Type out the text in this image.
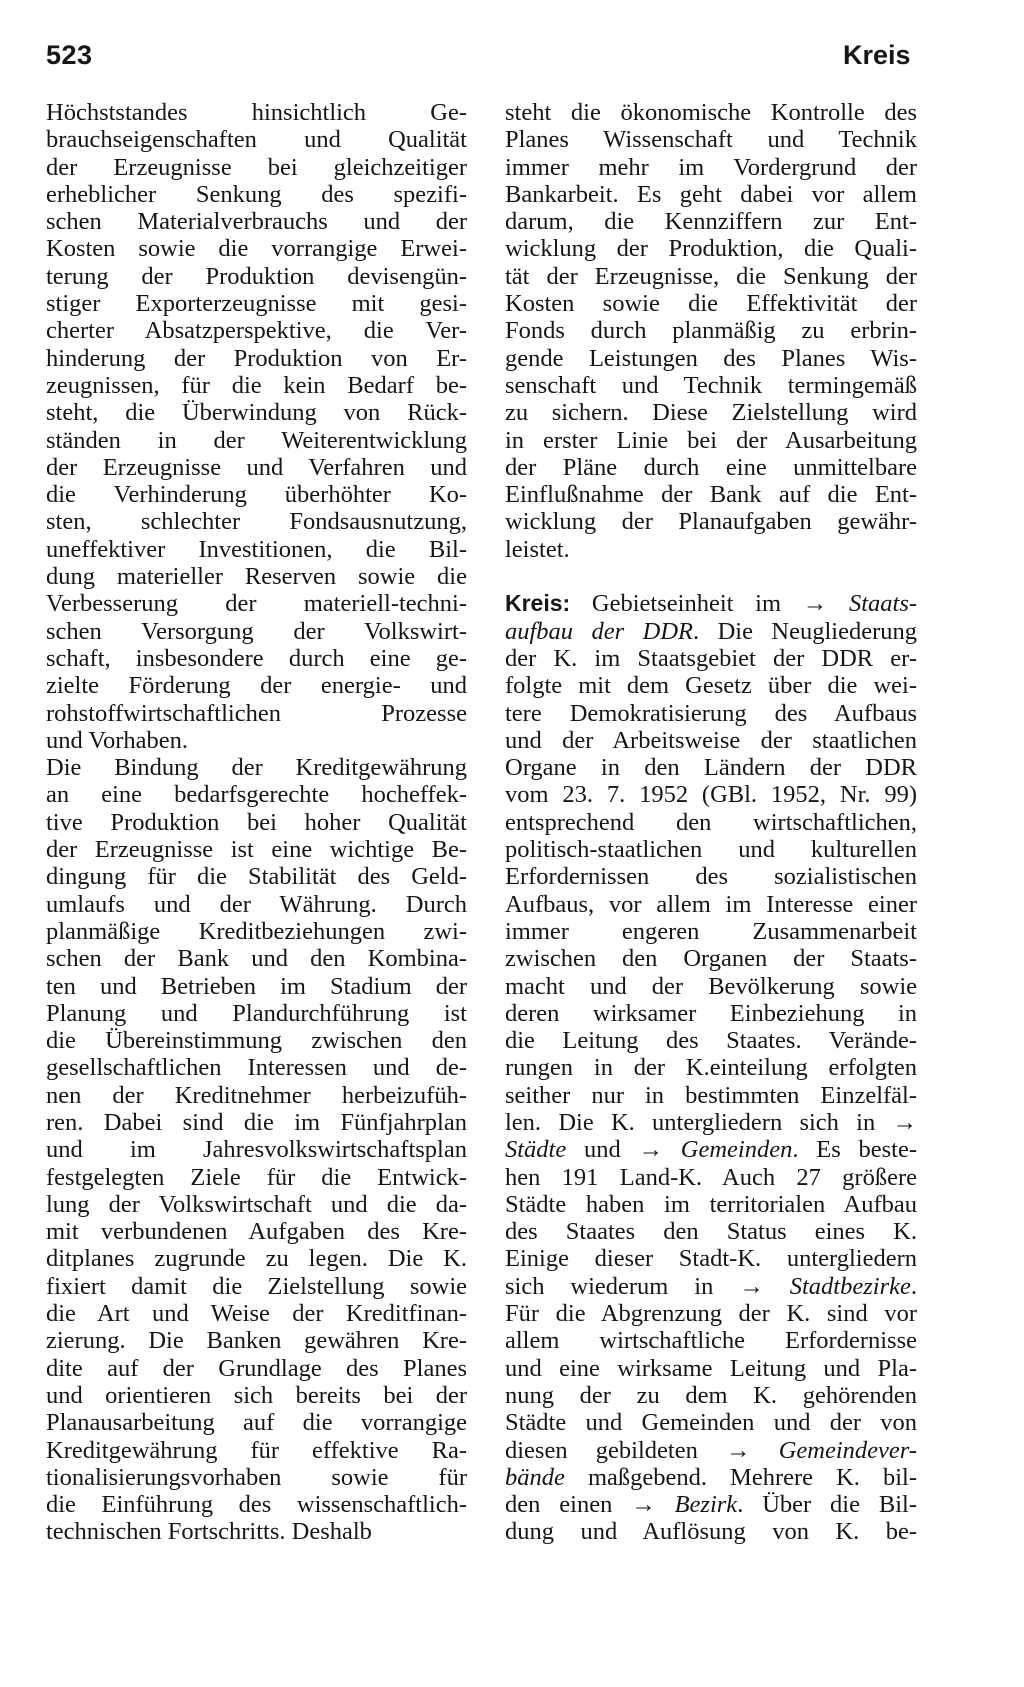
523	Kreis
Höchststandes hinsichtlich Ge-
brauchseigenschaften und Qualität
der Erzeugnisse bei gleichzeitiger
erheblicher Senkung des spezifi-
schen Materialverbrauchs und der
Kosten sowie die vorrangige Erwei-
terung der Produktion devisengün-
stiger Exporterzeugnisse mit gesi-
cherter Absatzperspektive, die Ver-
hinderung der Produktion von Er-
zeugnissen, für die kein Bedarf be-
steht, die Überwindung von Rück-
ständen in der Weiterentwicklung
der Erzeugnisse und Verfahren und
die Verhinderung überhöhter Ko-
sten, schlechter Fondsausnutzung,
uneffektiver Investitionen, die Bil-
dung materieller Reserven sowie die
Verbesserung der materiell-techni-
schen Versorgung der Volkswirt-
schaft, insbesondere durch eine ge-
zielte Förderung der energie- und
rohstoffwirtschaftlichen Prozesse
und Vorhaben.
Die Bindung der Kreditgewährung
an eine bedarfsgerechte hocheffek-
tive Produktion bei hoher Qualität
der Erzeugnisse ist eine wichtige Be-
dingung für die Stabilität des Geld-
umlaufs und der Währung. Durch
planmäßige Kreditbeziehungen zwi-
schen der Bank und den Kombina-
ten und Betrieben im Stadium der
Planung und Plandurchführung ist
die Übereinstimmung zwischen den
gesellschaftlichen Interessen und de-
nen der Kreditnehmer herbeizufüh-
ren. Dabei sind die im Fünfjahrplan
und im Jahresvolkswirtschaftsplan
festgelegten Ziele für die Entwick-
lung der Volkswirtschaft und die da-
mit verbundenen Aufgaben des Kre-
ditplanes zugrunde zu legen. Die K.
fixiert damit die Zielstellung sowie
die Art und Weise der Kreditfinan-
zierung. Die Banken gewähren Kre-
dite auf der Grundlage des Planes
und orientieren sich bereits bei der
Planausarbeitung auf die vorrangige
Kreditgewährung für effektive Ra-
tionalisierungsvorhaben sowie für
die Einführung des wissenschaftlich-
technischen Fortschritts. Deshalb
steht die ökonomische Kontrolle des
Planes Wissenschaft und Technik
immer mehr im Vordergrund der
Bankarbeit. Es geht dabei vor allem
darum, die Kennziffern zur Ent-
wicklung der Produktion, die Quali-
tät der Erzeugnisse, die Senkung der
Kosten sowie die Effektivität der
Fonds durch planmäßig zu erbrin-
gende Leistungen des Planes Wis-
senschaft und Technik termingemäß
zu sichern. Diese Zielstellung wird
in erster Linie bei der Ausarbeitung
der Pläne durch eine unmittelbare
Einflußnahme der Bank auf die Ent-
wicklung der Planaufgaben gewähr-
leistet.
Kreis: Gebietseinheit im → Staats-
aufbau der DDR. Die Neugliederung
der K. im Staatsgebiet der DDR er-
folgte mit dem Gesetz über die wei-
tere Demokratisierung des Aufbaus
und der Arbeitsweise der staatlichen
Organe in den Ländern der DDR
vom 23. 7. 1952 (GBl. 1952, Nr. 99)
entsprechend den wirtschaftlichen,
politisch-staatlichen und kulturellen
Erfordernissen des sozialistischen
Aufbaus, vor allem im Interesse einer
immer engeren Zusammenarbeit
zwischen den Organen der Staats-
macht und der Bevölkerung sowie
deren wirksamer Einbeziehung in
die Leitung des Staates. Verände-
rungen in der K.einteilung erfolgten
seither nur in bestimmten Einzelfäl-
len. Die K. untergliedern sich in →
Städte und → Gemeinden. Es beste-
hen 191 Land-K. Auch 27 größere
Städte haben im territorialen Aufbau
des Staates den Status eines K.
Einige dieser Stadt-K. untergliedern
sich wiederum in → Stadtbezirke.
Für die Abgrenzung der K. sind vor
allem wirtschaftliche Erfordernisse
und eine wirksame Leitung und Pla-
nung der zu dem K. gehörenden
Städte und Gemeinden und der von
diesen gebildeten → Gemeindever-
bände maßgebend. Mehrere K. bil-
den einen → Bezirk. Über die Bil-
dung und Auflösung von K. be-
